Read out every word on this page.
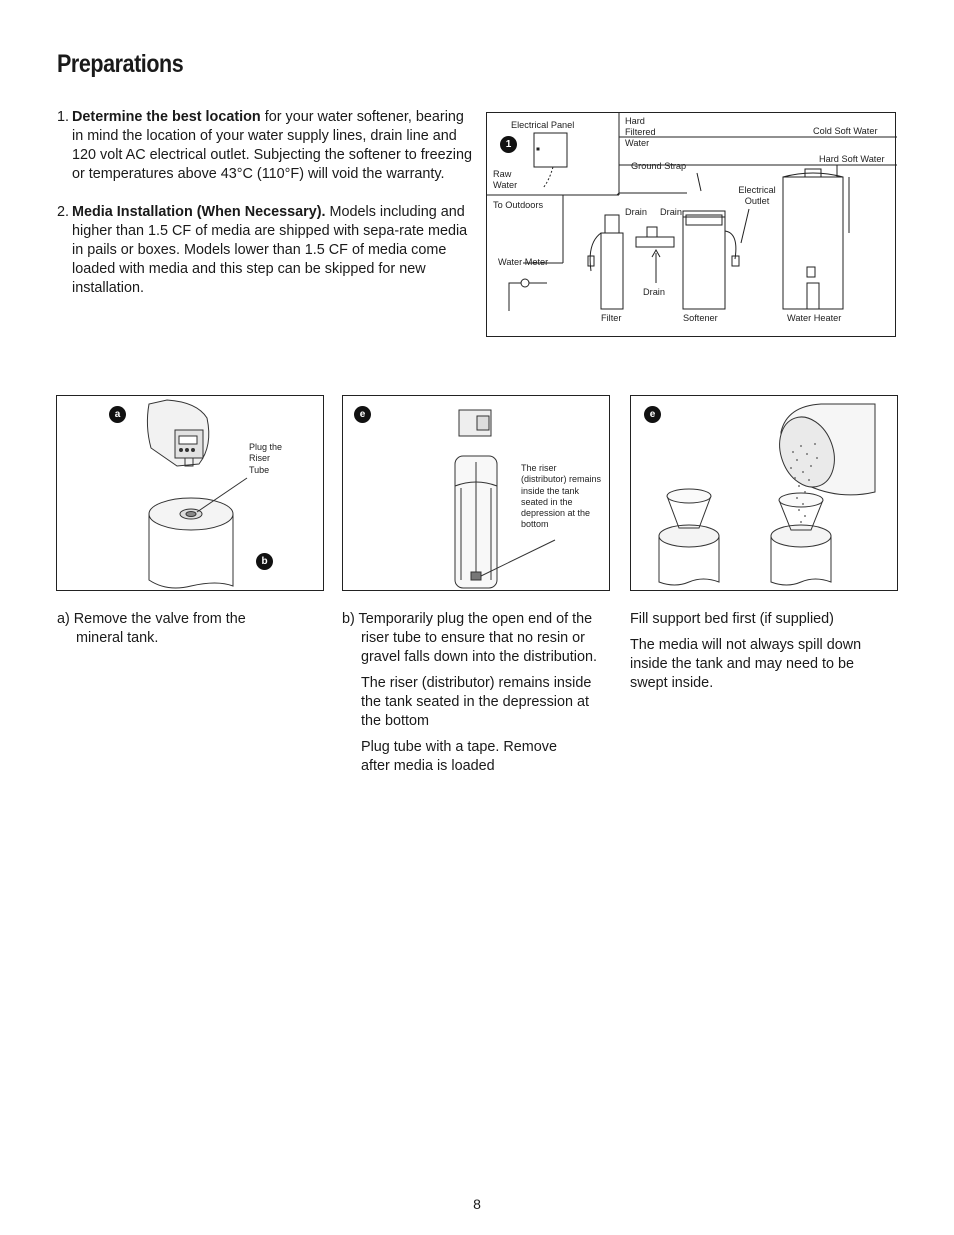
Preparations
1. Determine the best location for your water softener, bearing in mind the location of your water supply lines, drain line and 120 volt AC electrical outlet. Subjecting the softener to freezing or temperatures above 43°C (110°F) will void the warranty.
2. Media Installation (When Necessary). Models including and higher than 1.5 CF of media are shipped with sepa-rate media in pails or boxes. Models lower than 1.5 CF of media come loaded with media and this step can be skipped for new installation.
1
Electrical Panel	Hard Filtered Water
Cold Soft Water
Ground Strap
Hard Soft Water
Raw Water	Electrical Outlet
To Outdoors
Drain Drain
Water Meter
Drain
Filter	Softener	Water Heater
a
b
Plug the Riser Tube
e
The riser (distributor) remains inside the tank seated in the depression at the bottom
e
a) Remove the valve from the mineral tank.

b) Temporarily plug the open end of the riser tube to ensure that no resin or gravel falls down into the distribution.

The riser (distributor) remains inside the tank seated in the depression at the bottom

Plug tube with a tape. Remove after media is loaded

Fill support bed first (if supplied)

The media will not always spill down inside the tank and may need to be swept inside.

8
